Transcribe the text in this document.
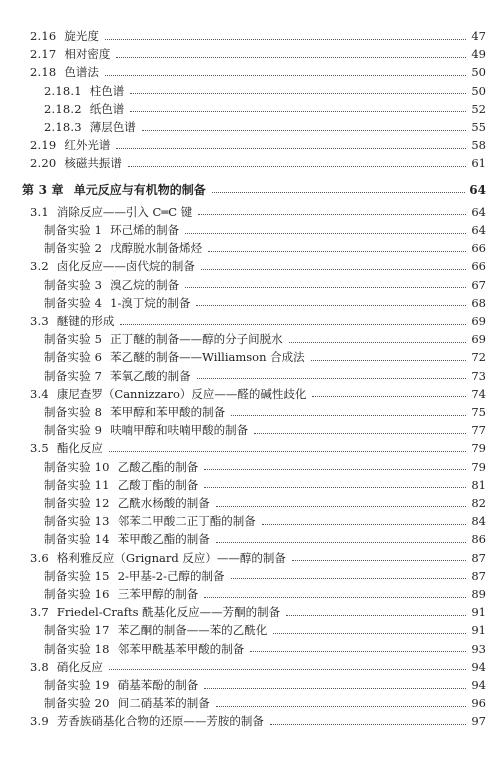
2.16 旋光度	47
2.17 相对密度	49
2.18 色谱法	50
2.18.1 柱色谱	50
2.18.2 纸色谱	52
2.18.3 薄层色谱	55
2.19 红外光谱	58
2.20 核磁共振谱	61
第 3 章 单元反应与有机物的制备	64
3.1 消除反应——引入 C═C 键	64
制备实验 1 环己烯的制备	64
制备实验 2 戊醇脱水制备烯烃	66
3.2 卤化反应——卤代烷的制备	66
制备实验 3 溴乙烷的制备	67
制备实验 4 1-溴丁烷的制备	68
3.3 醚键的形成	69
制备实验 5 正丁醚的制备——醇的分子间脱水	69
制备实验 6 苯乙醚的制备——Williamson 合成法	72
制备实验 7 苯氧乙酸的制备	73
3.4 康尼查罗（Cannizzaro）反应——醛的碱性歧化	74
制备实验 8 苯甲醇和苯甲酸的制备	75
制备实验 9 呋喃甲醇和呋喃甲酸的制备	77
3.5 酯化反应	79
制备实验 10 乙酸乙酯的制备	79
制备实验 11 乙酸丁酯的制备	81
制备实验 12 乙酰水杨酸的制备	82
制备实验 13 邻苯二甲酸二正丁酯的制备	84
制备实验 14 苯甲酸乙酯的制备	86
3.6 格利雅反应（Grignard 反应）——醇的制备	87
制备实验 15 2-甲基-2-己醇的制备	87
制备实验 16 三苯甲醇的制备	89
3.7 Friedel-Crafts 酰基化反应——芳酮的制备	91
制备实验 17 苯乙酮的制备——苯的乙酰化	91
制备实验 18 邻苯甲酰基苯甲酸的制备	93
3.8 硝化反应	94
制备实验 19 硝基苯酚的制备	94
制备实验 20 间二硝基苯的制备	96
3.9 芳香族硝基化合物的还原——芳胺的制备	97
